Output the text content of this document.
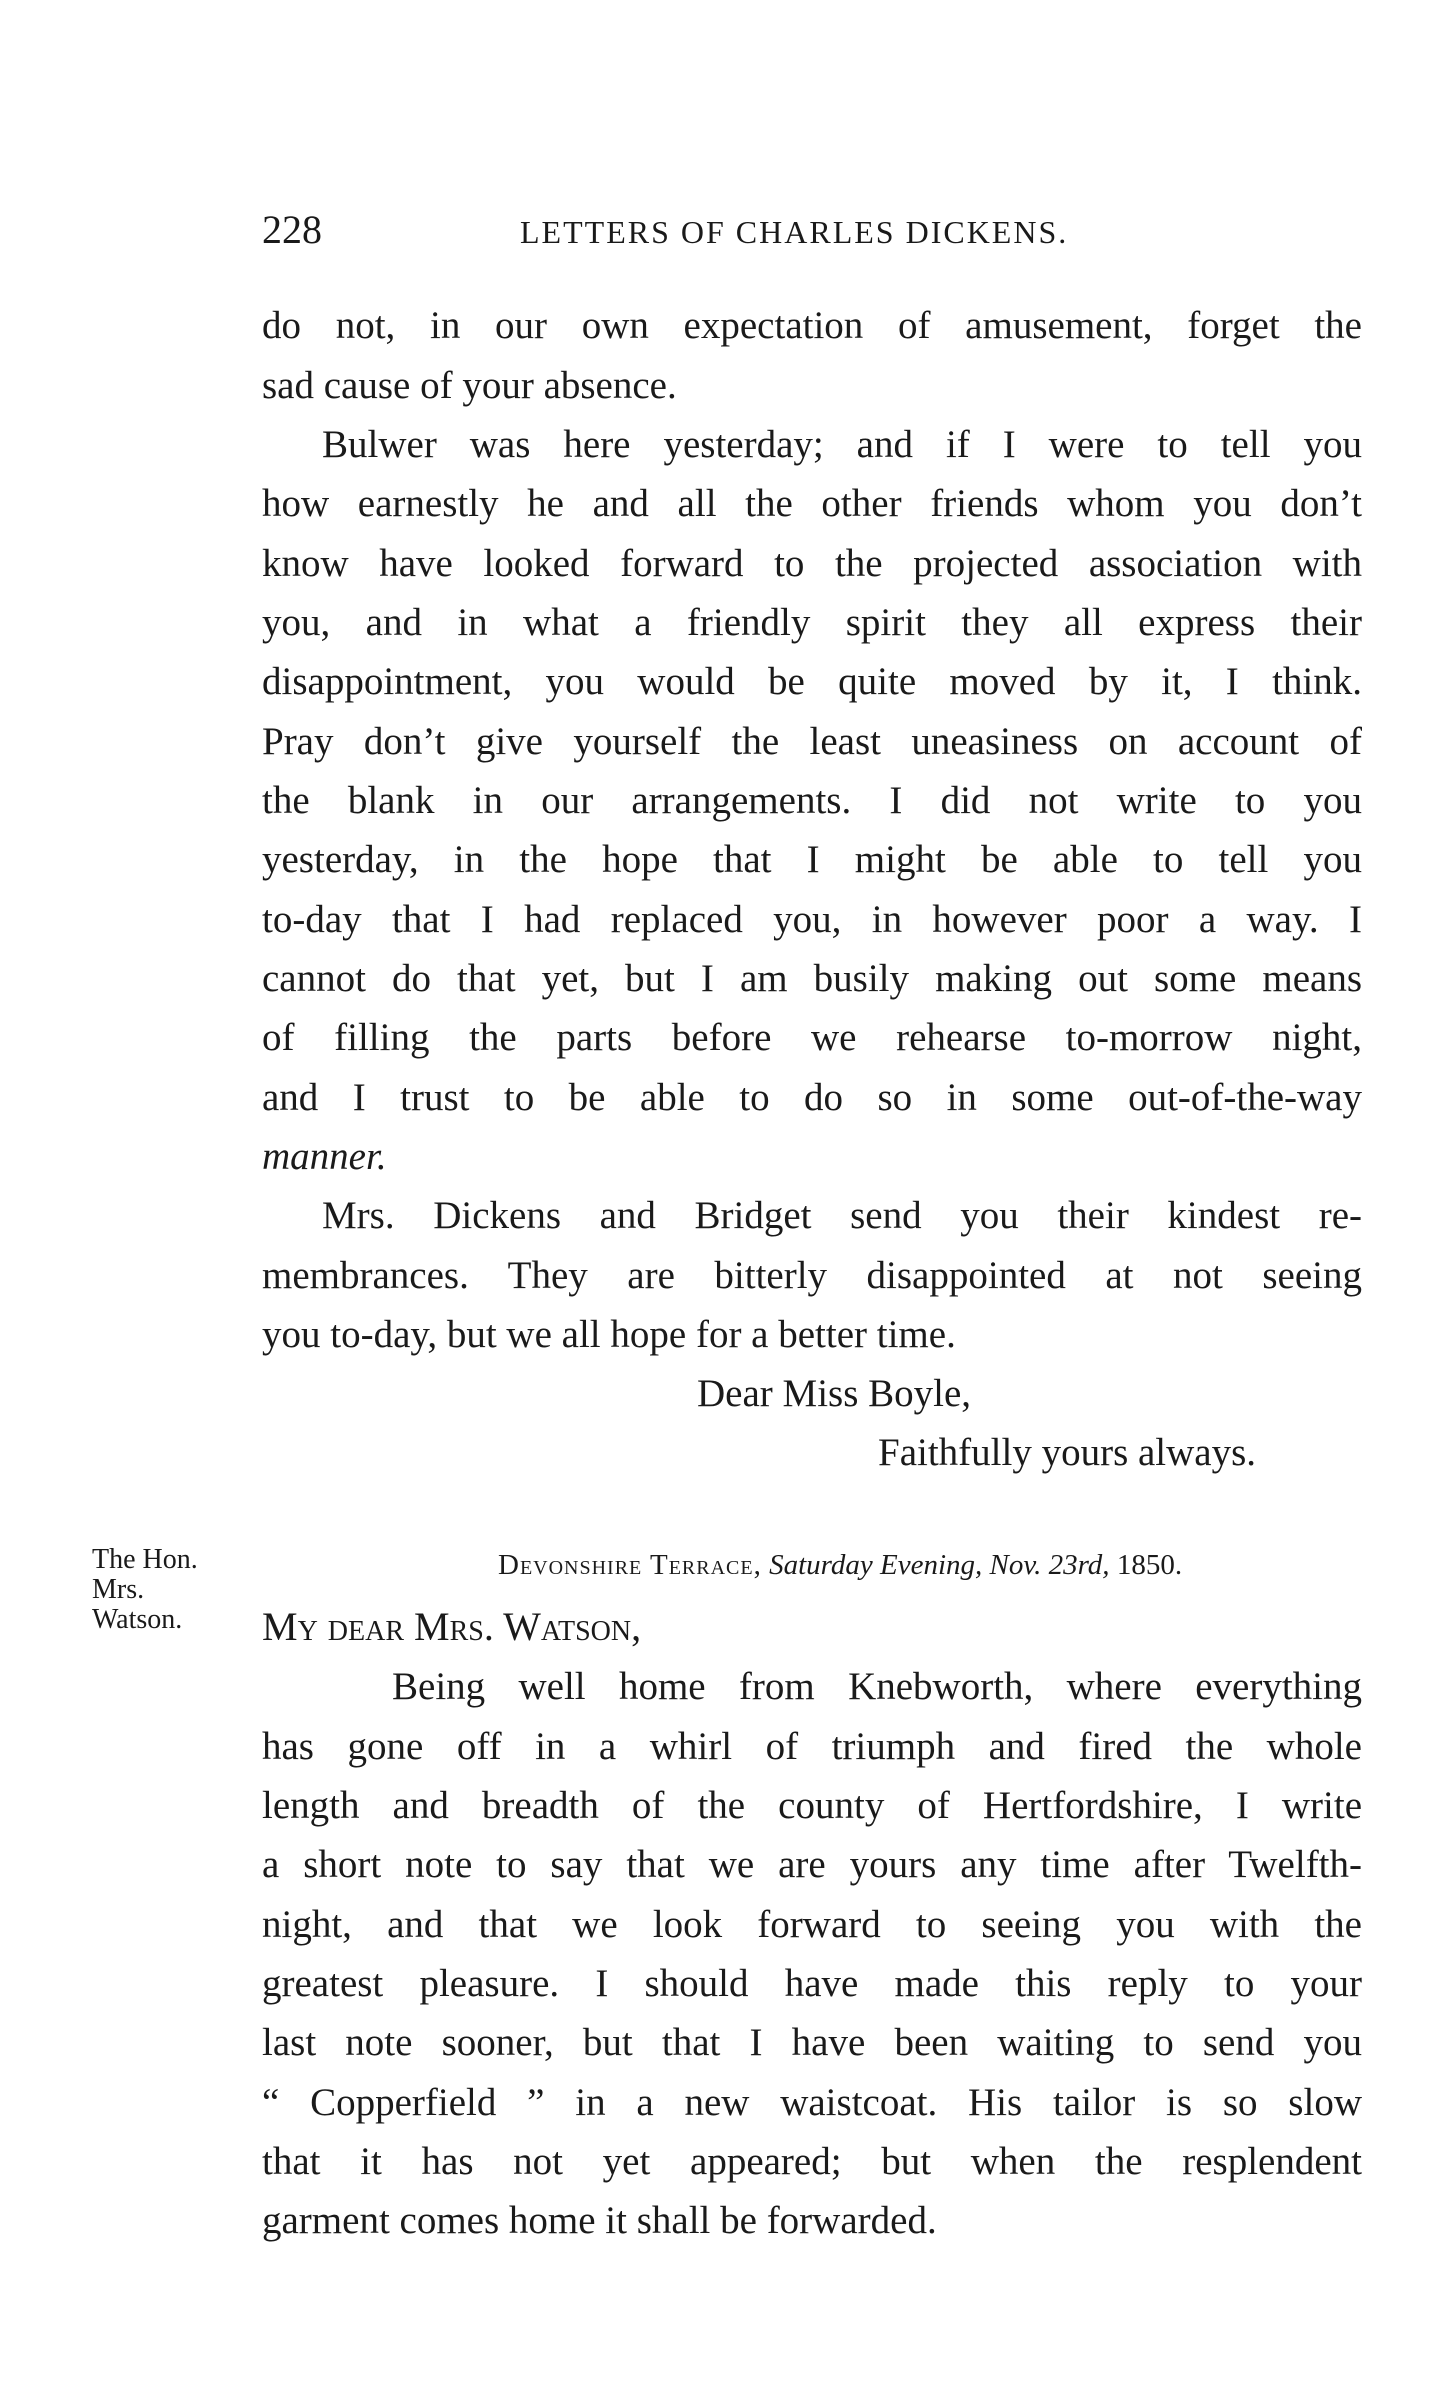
228	LETTERS OF CHARLES DICKENS.
do not, in our own expectation of amusement, forget the
sad cause of your absence.
Bulwer was here yesterday; and if I were to tell you
how earnestly he and all the other friends whom you don’t
know have looked forward to the projected association with
you, and in what a friendly spirit they all express their
disappointment, you would be quite moved by it, I think.
Pray don’t give yourself the least uneasiness on account of
the blank in our arrangements. I did not write to you
yesterday, in the hope that I might be able to tell you
to-day that I had replaced you, in however poor a way. I
cannot do that yet, but I am busily making out some means
of filling the parts before we rehearse to-morrow night,
and I trust to be able to do so in some out-of-the-way
manner.
Mrs. Dickens and Bridget send you their kindest re-
membrances. They are bitterly disappointed at not seeing
you to-day, but we all hope for a better time.
Dear Miss Boyle,
Faithfully yours always.
The Hon.
Mrs.
Watson.
Devonshire Terrace, Saturday Evening, Nov. 23rd, 1850.
My dear Mrs. Watson,
Being well home from Knebworth, where everything
has gone off in a whirl of triumph and fired the whole
length and breadth of the county of Hertfordshire, I write
a short note to say that we are yours any time after Twelfth-
night, and that we look forward to seeing you with the
greatest pleasure. I should have made this reply to your
last note sooner, but that I have been waiting to send you
“ Copperfield ” in a new waistcoat. His tailor is so slow
that it has not yet appeared; but when the resplendent
garment comes home it shall be forwarded.
